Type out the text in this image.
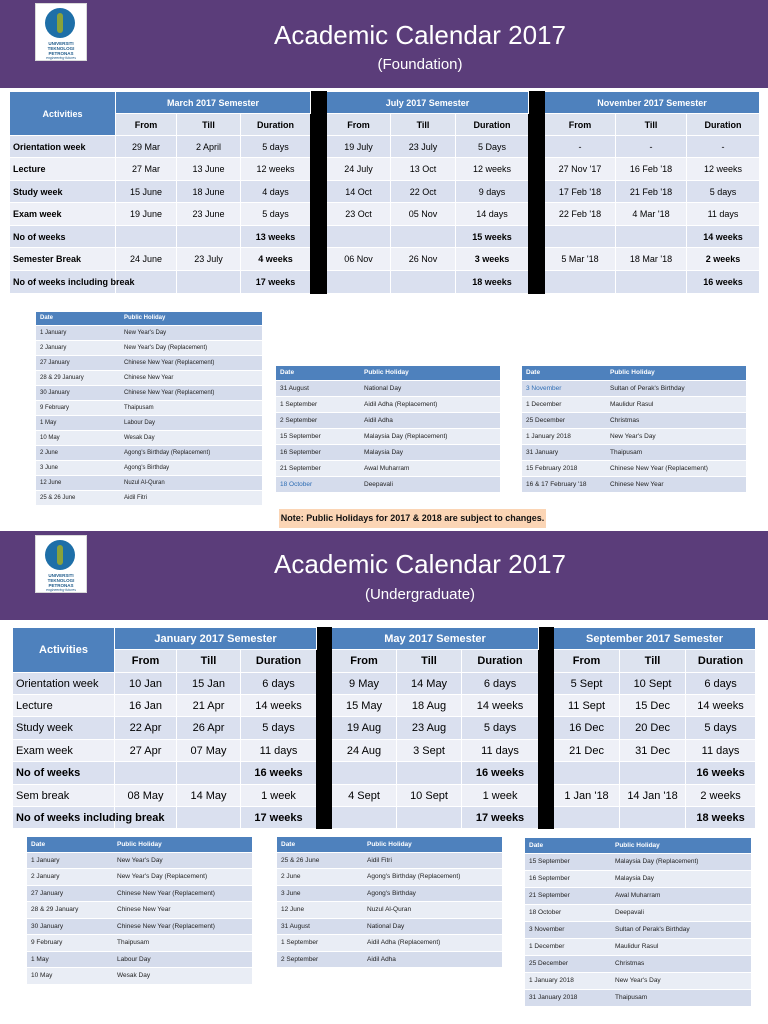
UNIVERSITI
TEKNOLOGI
PETRONAS
engineering futures
Academic Calendar 2017
(Foundation)
Activities	March 2017 Semester				July 2017 Semester				November 2017 Semester		
	From	Till	Duration		From	Till	Duration		From	Till	Duration
Orientation week	29 Mar	2 April	5 days		19 July	23 July	5 Days		-	-	-
Lecture	27 Mar	13 June	12 weeks		24 July	13 Oct	12 weeks		27 Nov '17	16 Feb '18	12 weeks
Study week	15 June	18 June	4 days		14 Oct	22 Oct	9 days		17 Feb '18	21 Feb '18	5 days
Exam week	19 June	23 June	5 days		23 Oct	05 Nov	14 days		22 Feb '18	4 Mar '18	11 days
No of weeks			13 weeks				15 weeks				14 weeks
Semester Break	24 June	23 July	4 weeks		06 Nov	26 Nov	3 weeks		5 Mar '18	18 Mar '18	2 weeks
No of weeks including break			17 weeks				18 weeks				16 weeks
Date	Public Holiday
1 January	New Year's Day
2 January	New Year's Day (Replacement)
27 January	Chinese New Year (Replacement)
28 & 29 January	Chinese New Year
30 January	Chinese New Year (Replacement)
9 February	Thaipusam
1 May	Labour Day
10 May	Wesak Day
2 June	Agong's Birthday (Replacement)
3 June	Agong's Birthday
12 June	Nuzul Al-Quran
25 & 26 June	Aidil Fitri
Date	Public Holiday
31 August	National Day
1 September	Aidil Adha (Replacement)
2 September	Aidil Adha
15 September	Malaysia Day (Replacement)
16 September	Malaysia Day
21 September	Awal Muharram
18 October	Deepavali
Date	Public Holiday
3 November	Sultan of Perak's Birthday
1 December	Maulidur Rasul
25 December	Christmas
1 January 2018	New Year's Day
31 January	Thaipusam
15 February 2018	Chinese New Year (Replacement)
16 & 17 February '18	Chinese New Year
Note: Public Holidays for 2017 & 2018 are subject to changes.
UNIVERSITI
TEKNOLOGI
PETRONAS
engineering futures
Academic Calendar 2017
(Undergraduate)
Activities	January 2017 Semester				May 2017 Semester				September 2017 Semester		
	From	Till	Duration		From	Till	Duration		From	Till	Duration
Orientation week	10 Jan	15 Jan	6 days		9 May	14 May	6 days		5 Sept	10 Sept	6 days
Lecture	16 Jan	21 Apr	14 weeks		15 May	18 Aug	14 weeks		11 Sept	15 Dec	14 weeks
Study week	22 Apr	26 Apr	5 days		19 Aug	23 Aug	5 days		16 Dec	20 Dec	5 days
Exam week	27 Apr	07 May	11 days		24 Aug	3 Sept	11 days		21 Dec	31 Dec	11 days
No of weeks			16 weeks				16 weeks				16 weeks
Sem break	08 May	14 May	1 week		4 Sept	10 Sept	1 week		1 Jan '18	14 Jan '18	2 weeks
No of weeks including break			17 weeks				17 weeks				18 weeks
Date	Public Holiday
1 January	New Year's Day
2 January	New Year's Day (Replacement)
27 January	Chinese New Year (Replacement)
28 & 29 January	Chinese New Year
30 January	Chinese New Year (Replacement)
9 February	Thaipusam
1 May	Labour Day
10 May	Wesak Day
Date	Public Holiday
25 & 26 June	Aidil Fitri
2 June	Agong's Birthday (Replacement)
3 June	Agong's Birthday
12 June	Nuzul Al-Quran
31 August	National Day
1 September	Aidil Adha (Replacement)
2 September	Aidil Adha
Date	Public Holiday
15 September	Malaysia Day (Replacement)
16 September	Malaysia Day
21 September	Awal Muharram
18 October	Deepavali
3 November	Sultan of Perak's Birthday
1 December	Maulidur Rasul
25 December	Christmas
1 January 2018	New Year's Day
31 January 2018	Thaipusam
